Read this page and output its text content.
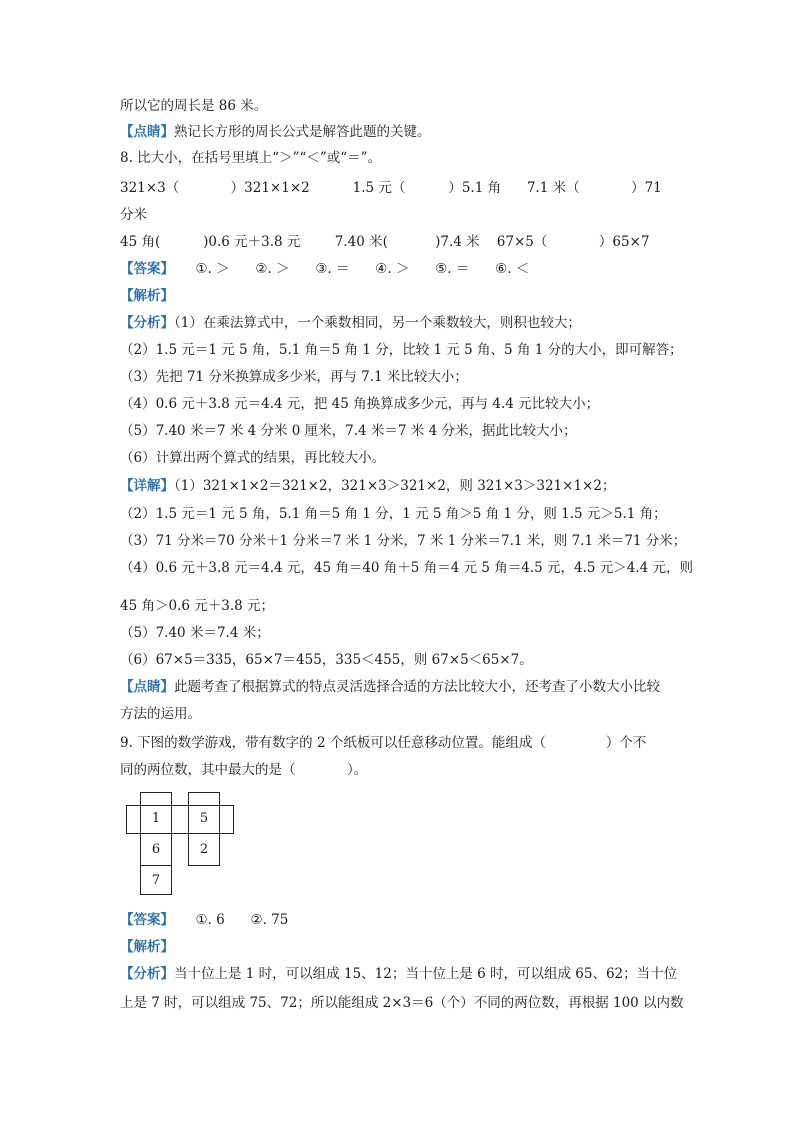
所以它的周长是 86 米。
【点睛】熟记长方形的周长公式是解答此题的关键。
8. 比大小，在括号里填上“＞”“＜”或“＝”。
321×3（            ）321×1×2          1.5 元（          ）5.1 角      7.1 米（            ）71
分米
45 角(          )0.6 元＋3.8 元        7.40 米(           )7.4 米    67×5（            ）65×7
【答案】     ①. ＞      ②. ＞      ③. ＝      ④. ＞      ⑤. ＝      ⑥. ＜
【解析】
【分析】（1）在乘法算式中，一个乘数相同，另一个乘数较大，则积也较大；
（2）1.5 元＝1 元 5 角，5.1 角＝5 角 1 分，比较 1 元 5 角、5 角 1 分的大小，即可解答；
（3）先把 71 分米换算成多少米，再与 7.1 米比较大小；
（4）0.6 元＋3.8 元＝4.4 元，把 45 角换算成多少元，再与 4.4 元比较大小；
（5）7.40 米＝7 米 4 分米 0 厘米，7.4 米＝7 米 4 分米，据此比较大小；
（6）计算出两个算式的结果，再比较大小。
【详解】（1）321×1×2＝321×2，321×3＞321×2，则 321×3＞321×1×2；
（2）1.5 元＝1 元 5 角，5.1 角＝5 角 1 分，1 元 5 角＞5 角 1 分，则 1.5 元＞5.1 角；
（3）71 分米＝70 分米＋1 分米＝7 米 1 分米，7 米 1 分米＝7.1 米，则 7.1 米＝71 分米；
（4）0.6 元＋3.8 元＝4.4 元，45 角＝40 角＋5 角＝4 元 5 角＝4.5 元，4.5 元＞4.4 元，则
45 角＞0.6 元＋3.8 元；
（5）7.40 米＝7.4 米；
（6）67×5＝335，65×7＝455，335＜455，则 67×5＜65×7。
【点睛】此题考查了根据算式的特点灵活选择合适的方法比较大小，还考查了小数大小比较
方法的运用。
9. 下图的数学游戏，带有数字的 2 个纸板可以任意移动位置。能组成（              ）个不
同的两位数，其中最大的是（            ）。
1	5
6	2
7
【答案】     ①. 6      ②. 75
【解析】
【分析】当十位上是 1 时，可以组成 15、12；当十位上是 6 时，可以组成 65、62；当十位
上是 7 时，可以组成 75、72；所以能组成 2×3＝6（个）不同的两位数，再根据 100 以内数
